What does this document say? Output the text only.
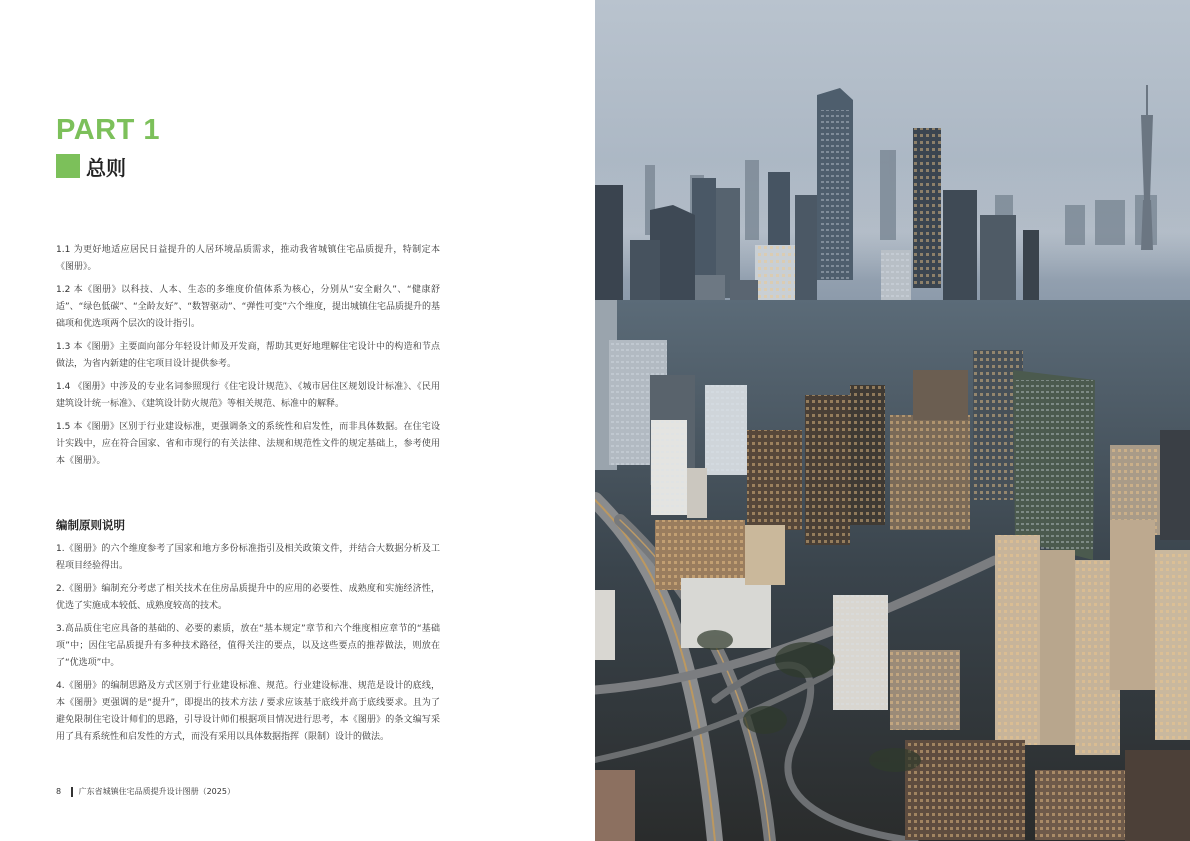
PART 1
总则

1.1 为更好地适应居民日益提升的人居环境品质需求，推动我省城镇住宅品质提升，特制定本《图册》。

1.2 本《图册》以科技、人本、生态的多维度价值体系为核心，分别从“安全耐久”、“健康舒适”、“绿色低碳”、“全龄友好”、“数智驱动”、“弹性可变”六个维度，提出城镇住宅品质提升的基础项和优选项两个层次的设计指引。

1.3 本《图册》主要面向部分年轻设计师及开发商，帮助其更好地理解住宅设计中的构造和节点做法，为省内新建的住宅项目设计提供参考。

1.4 《图册》中涉及的专业名词参照现行《住宅设计规范》、《城市居住区规划设计标准》、《民用建筑设计统一标准》、《建筑设计防火规范》等相关规范、标准中的解释。

1.5 本《图册》区别于行业建设标准，更强调条文的系统性和启发性，而非具体数据。在住宅设计实践中，应在符合国家、省和市现行的有关法律、法规和规范性文件的规定基础上，参考使用本《图册》。

编制原则说明

1.《图册》的六个维度参考了国家和地方多份标准指引及相关政策文件，并结合大数据分析及工程项目经验得出。

2.《图册》编制充分考虑了相关技术在住房品质提升中的应用的必要性、成熟度和实施经济性，优选了实施成本较低、成熟度较高的技术。

3.高品质住宅应具备的基础的、必要的素质，放在“基本规定”章节和六个维度相应章节的“基础项”中；因住宅品质提升有多种技术路径，值得关注的要点，以及这些要点的推荐做法，则放在了“优选项”中。

4.《图册》的编制思路及方式区别于行业建设标准、规范。行业建设标准、规范是设计的底线，本《图册》更强调的是“提升”，即提出的技术方法 / 要求应该基于底线并高于底线要求。且为了避免限制住宅设计师们的思路，引导设计师们根据项目情况进行思考，本《图册》的条文编写采用了具有系统性和启发性的方式，而没有采用以具体数据指挥（限制）设计的做法。

8 广东省城镇住宅品质提升设计图册（2025）
